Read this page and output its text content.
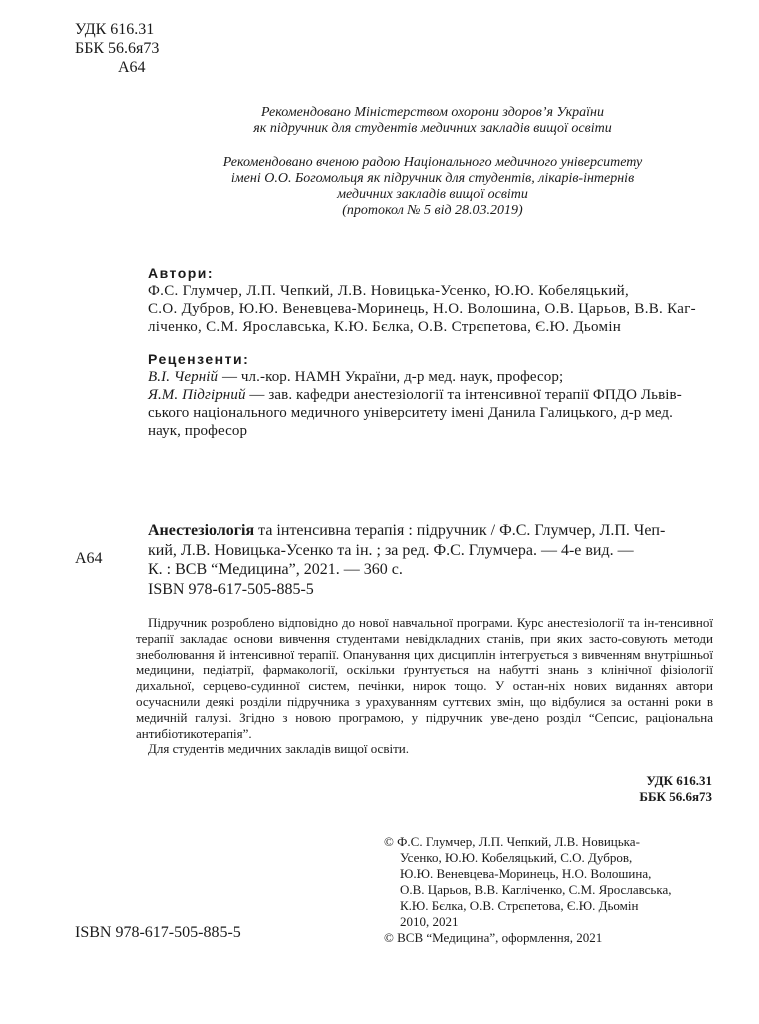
УДК 616.31
ББК 56.6я73
А64
Рекомендовано Міністерством охорони здоров’я України
як підручник для студентів медичних закладів вищої освіти
Рекомендовано вченою радою Національного медичного університету
імені О.О. Богомольця як підручник для студентів, лікарів-інтернів
медичних закладів вищої освіти
(протокол № 5 від 28.03.2019)
Автори:
Ф.С. Глумчер, Л.П. Чепкий, Л.В. Новицька-Усенко, Ю.Ю. Кобеляцький,
С.О. Дубров, Ю.Ю. Веневцева-Моринець, Н.О. Волошина, О.В. Царьов, В.В. Каг-
ліченко, С.М. Ярославська, К.Ю. Бєлка, О.В. Стрєпетова, Є.Ю. Дьомін
Рецензенти:
В.І. Черній — чл.-кор. НАМН України, д-р мед. наук, професор;
Я.М. Підгірний — зав. кафедри анестезіології та інтенсивної терапії ФПДО Львів-
ського національного медичного університету імені Данила Галицького, д-р мед.
наук, професор
А64
Анестезіологія та інтенсивна терапія : підручник / Ф.С. Глумчер, Л.П. Чеп-
кий, Л.В. Новицька-Усенко та ін. ; за ред. Ф.С. Глумчера. — 4-е вид. —
К. : ВСВ “Медицина”, 2021. — 360 с.
ISBN 978-617-505-885-5

Підручник розроблено відповідно до нової навчальної програми. Курс анестезіології та ін-тенсивної терапії закладає основи вивчення студентами невідкладних станів, при яких засто-совують методи знеболювання й інтенсивної терапії. Опанування цих дисциплін інтегрується з вивченням внутрішньої медицини, педіатрії, фармакології, оскільки ґрунтується на набутті знань з клінічної фізіології дихальної, серцево-судинної систем, печінки, нирок тощо. У остан-ніх нових виданнях автори осучаснили деякі розділи підручника з урахуванням суттєвих змін, що відбулися за останні роки в медичній галузі. Згідно з новою програмою, у підручник уве-дено розділ “Сепсис, раціональна антибіотикотерапія”.

Для студентів медичних закладів вищої освіти.

УДК 616.31
ББК 56.6я73
© Ф.С. Глумчер, Л.П. Чепкий, Л.В. Новицька-
Усенко, Ю.Ю. Кобеляцький, С.О. Дубров,
Ю.Ю. Веневцева-Моринець, Н.О. Волошина,
О.В. Царьов, В.В. Кагліченко, С.М. Ярославська,
К.Ю. Бєлка, О.В. Стрєпетова, Є.Ю. Дьомін
2010, 2021
© ВСВ “Медицина”, оформлення, 2021
ISBN 978-617-505-885-5
